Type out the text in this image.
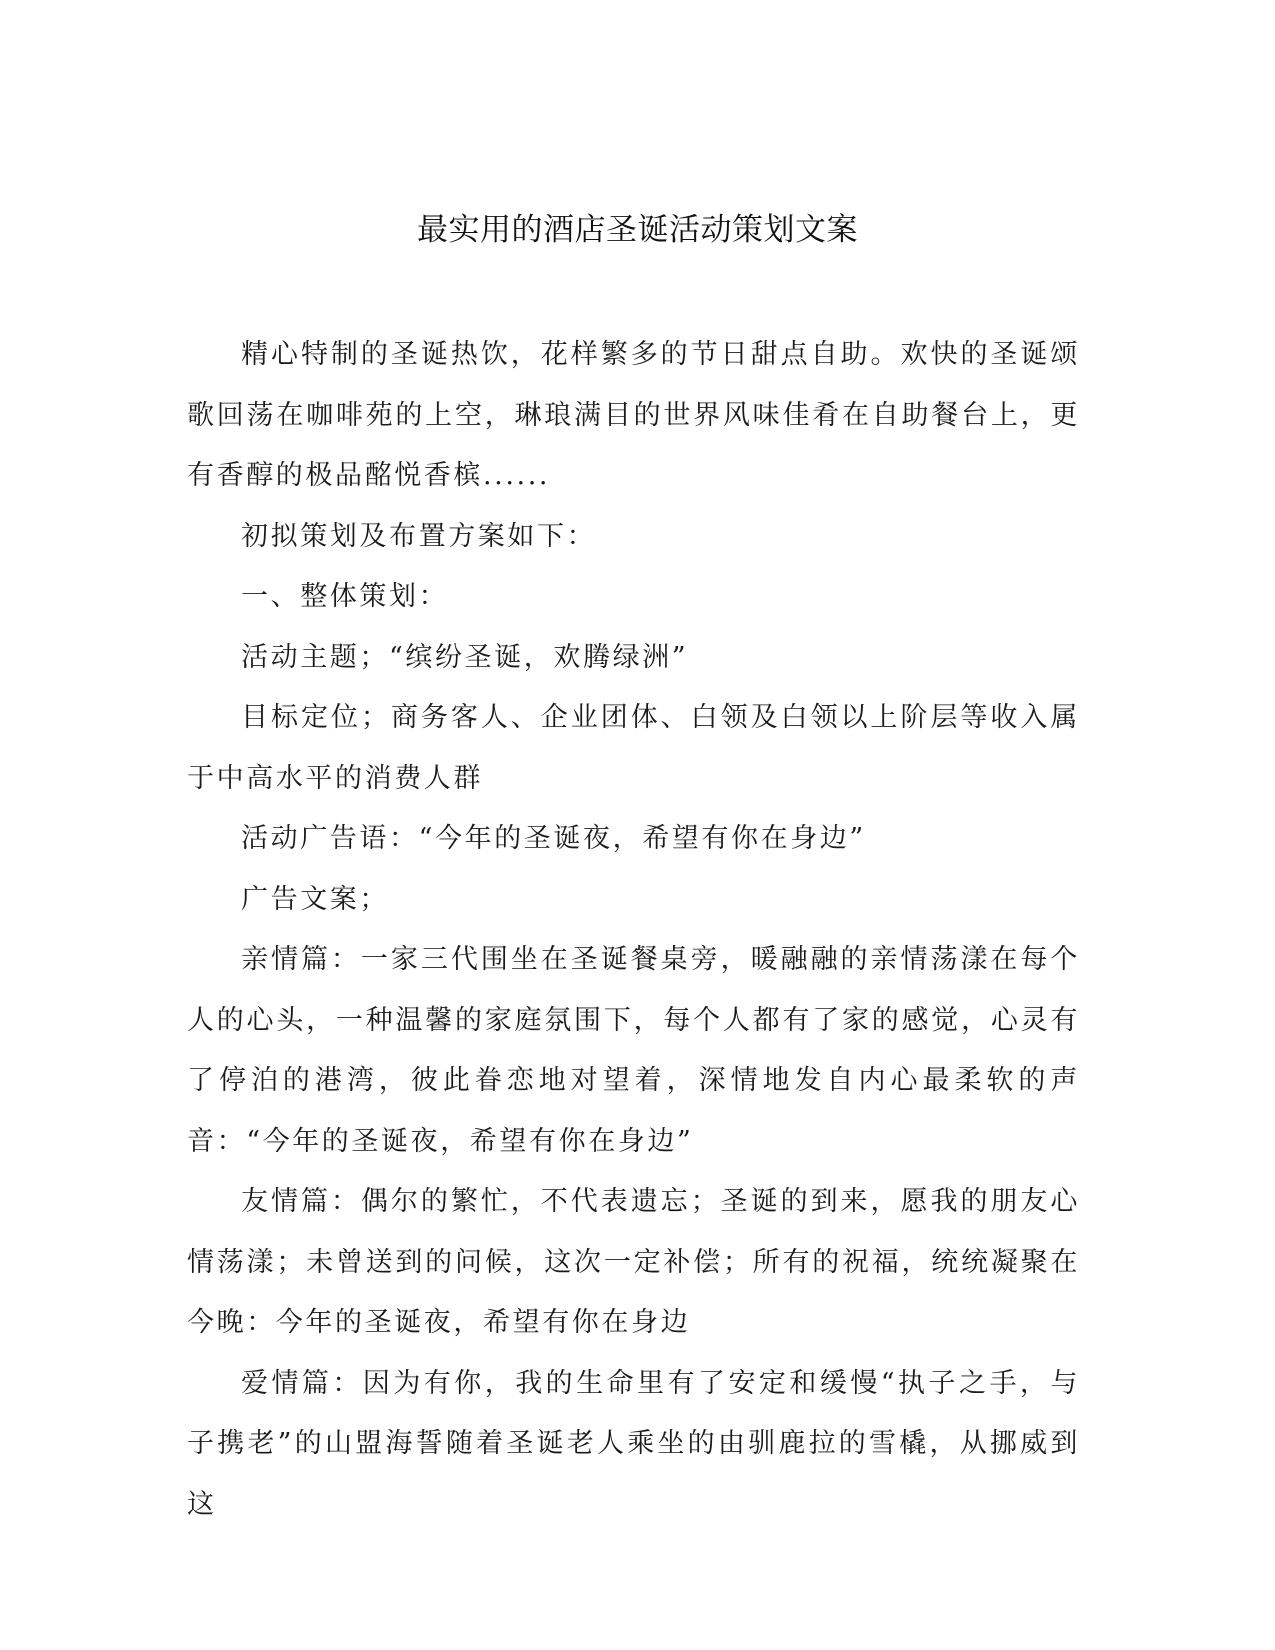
最实用的酒店圣诞活动策划文案

精心特制的圣诞热饮，花样繁多的节日甜点自助。欢快的圣诞颂歌回荡在咖啡苑的上空，琳琅满目的世界风味佳肴在自助餐台上，更有香醇的极品酩悦香槟......

初拟策划及布置方案如下：

一、整体策划：

活动主题；“缤纷圣诞，欢腾绿洲”

目标定位；商务客人、企业团体、白领及白领以上阶层等收入属于中高水平的消费人群

活动广告语：“今年的圣诞夜，希望有你在身边”

广告文案；

亲情篇：一家三代围坐在圣诞餐桌旁，暖融融的亲情荡漾在每个人的心头，一种温馨的家庭氛围下，每个人都有了家的感觉，心灵有了停泊的港湾，彼此眷恋地对望着，深情地发自内心最柔软的声音：“今年的圣诞夜，希望有你在身边”

友情篇：偶尔的繁忙，不代表遗忘；圣诞的到来，愿我的朋友心情荡漾；未曾送到的问候，这次一定补偿；所有的祝福，统统凝聚在今晚：今年的圣诞夜，希望有你在身边

爱情篇：因为有你，我的生命里有了安定和缓慢“执子之手，与子携老”的山盟海誓随着圣诞老人乘坐的由驯鹿拉的雪橇，从挪威到这
